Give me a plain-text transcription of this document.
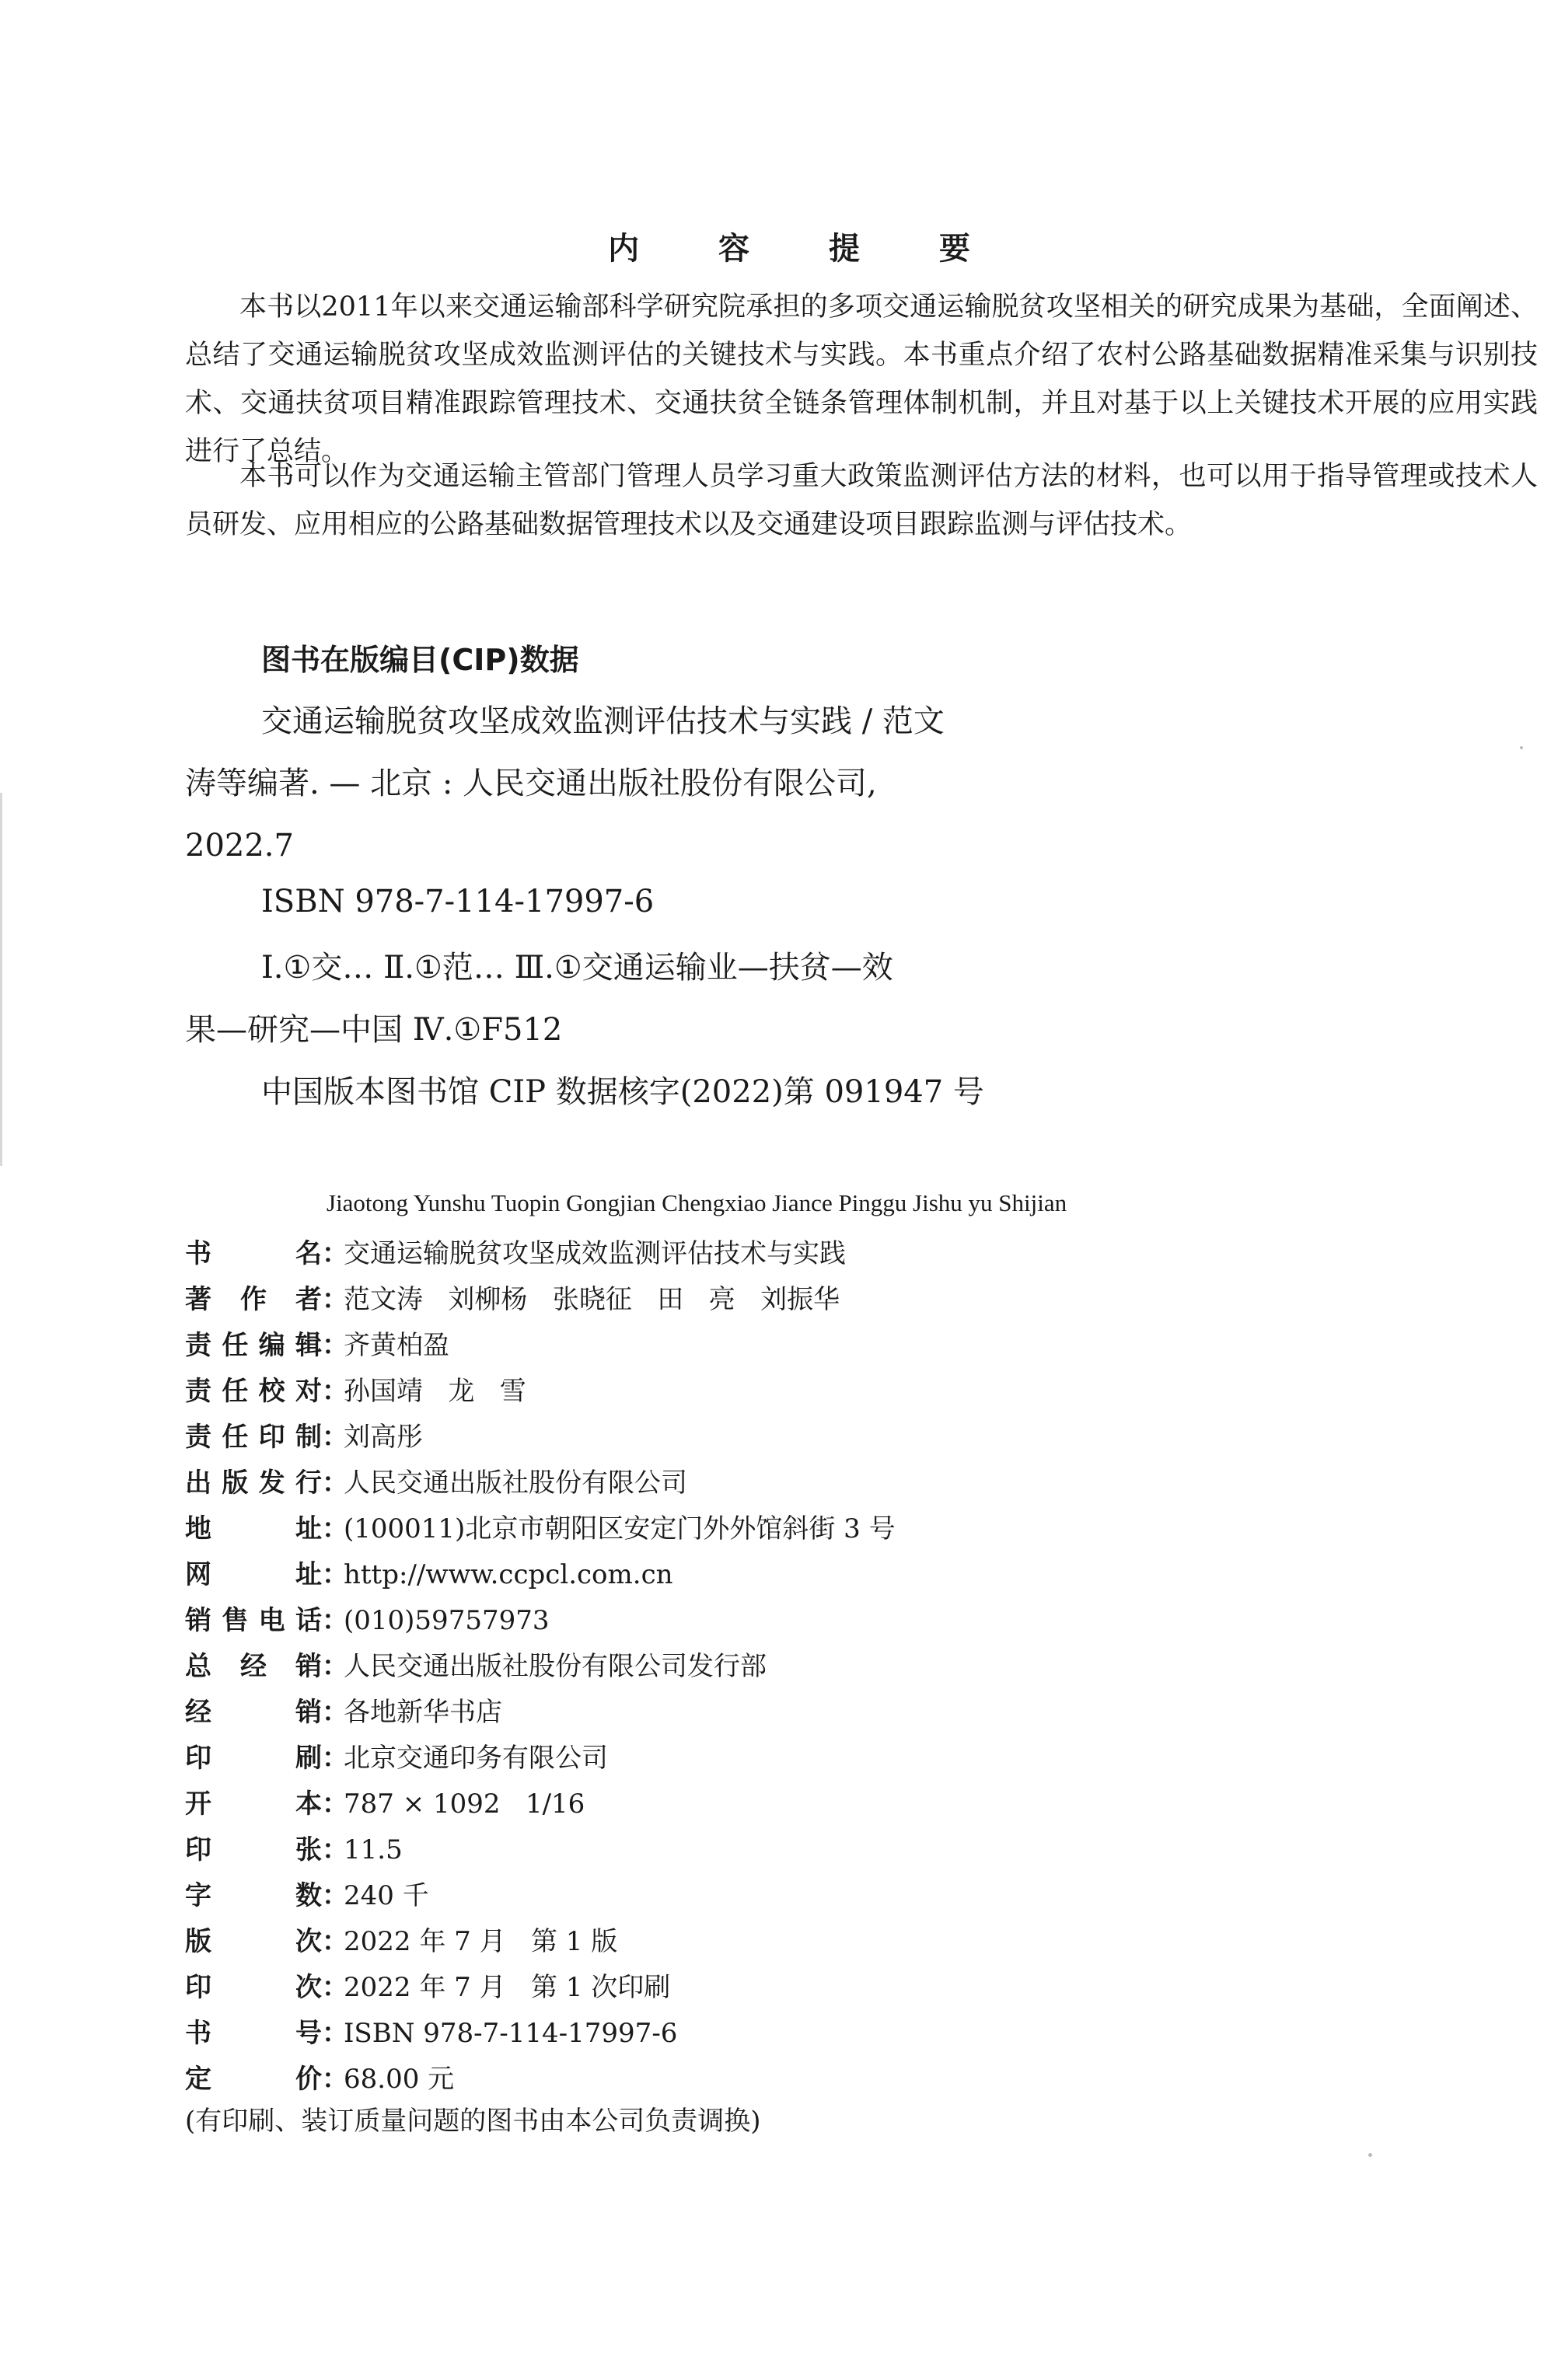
内 容 提 要

本书以2011年以来交通运输部科学研究院承担的多项交通运输脱贫攻坚相关的研究成果为基础，全面阐述、总结了交通运输脱贫攻坚成效监测评估的关键技术与实践。本书重点介绍了农村公路基础数据精准采集与识别技术、交通扶贫项目精准跟踪管理技术、交通扶贫全链条管理体制机制，并且对基于以上关键技术开展的应用实践进行了总结。

本书可以作为交通运输主管部门管理人员学习重大政策监测评估方法的材料，也可以用于指导管理或技术人员研发、应用相应的公路基础数据管理技术以及交通建设项目跟踪监测与评估技术。

图书在版编目(CIP)数据
交通运输脱贫攻坚成效监测评估技术与实践 / 范文
涛等编著. — 北京 : 人民交通出版社股份有限公司,
2022.7
ISBN 978-7-114-17997-6
Ⅰ.①交… Ⅱ.①范… Ⅲ.①交通运输业—扶贫—效
果—研究—中国 Ⅳ.①F512
中国版本图书馆 CIP 数据核字(2022)第 091947 号
Jiaotong Yunshu Tuopin Gongjian Chengxiao Jiance Pinggu Jishu yu Shijian
书名 ：
交通运输脱贫攻坚成效监测评估技术与实践
著作者 ：
范文涛   刘柳杨   张晓征   田   亮   刘振华
责任编辑 ：
齐黄柏盈
责任校对 ：
孙国靖   龙   雪
责任印制 ：
刘高彤
出版发行 ：
人民交通出版社股份有限公司
地址 ：
(100011)北京市朝阳区安定门外外馆斜街 3 号
网址 ：
http://www.ccpcl.com.cn
销售电话 ：
(010)59757973
总经销 ：
人民交通出版社股份有限公司发行部
经销 ：
各地新华书店
印刷 ：
北京交通印务有限公司
开本 ：
787 × 1092   1/16
印张 ：
11.5
字数 ：
240 千
版次 ：
2022 年 7 月   第 1 版
印次 ：
2022 年 7 月   第 1 次印刷
书号 ：
ISBN 978-7-114-17997-6
定价 ：
68.00 元
(有印刷、装订质量问题的图书由本公司负责调换)
